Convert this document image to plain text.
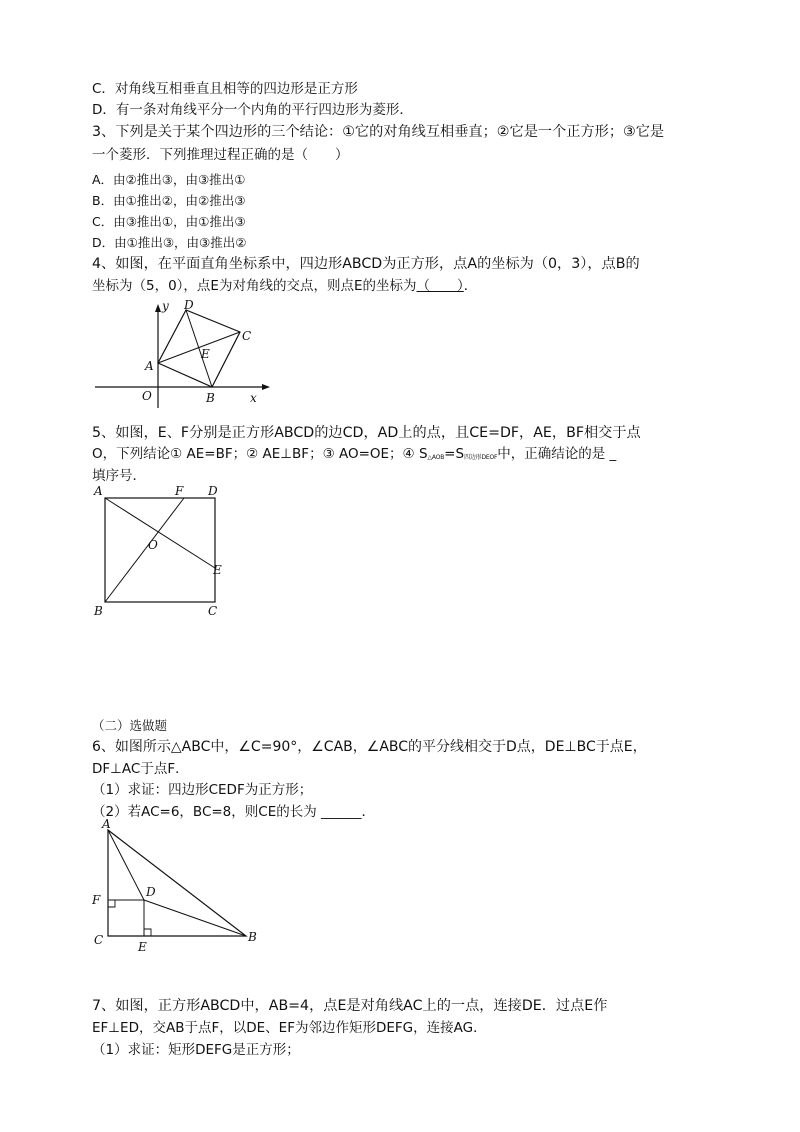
C．对角线互相垂直且相等的四边形是正方形
D．有一条对角线平分一个内角的平行四边形为菱形．
3、下列是关于某个四边形的三个结论：①它的对角线互相垂直；②它是一个正方形；③它是
一个菱形．下列推理过程正确的是（　　）
A．由②推出③，由③推出①
B．由①推出②，由②推出③
C．由③推出①，由①推出③
D．由①推出③，由③推出②
4、如图，在平面直角坐标系中，四边形ABCD为正方形，点A的坐标为（0，3），点B的
坐标为（5，0），点E为对角线的交点，则点E的坐标为（　　）．
y
x
O
A
B
C
D
E
5、如图，E、F分别是正方形ABCD的边CD，AD上的点，且CE=DF，AE，BF相交于点
O，下列结论① AE=BF；② AE⊥BF；③ AO=OE；④ S△AOB=S四边形DEOF中，正确结论的是 _
填序号．
A	F D
O
E
B	C
（二）选做题
6、如图所示△ABC中，∠C=90°，∠CAB，∠ABC的平分线相交于D点，DE⊥BC于点E，
DF⊥AC于点F．
（1）求证：四边形CEDF为正方形；
（2）若AC=6，BC=8，则CE的长为 ______．
A
D
F
C	E
B
7、如图，正方形ABCD中，AB=4，点E是对角线AC上的一点，连接DE．过点E作
EF⊥ED，交AB于点F，以DE、EF为邻边作矩形DEFG，连接AG．
（1）求证：矩形DEFG是正方形；
